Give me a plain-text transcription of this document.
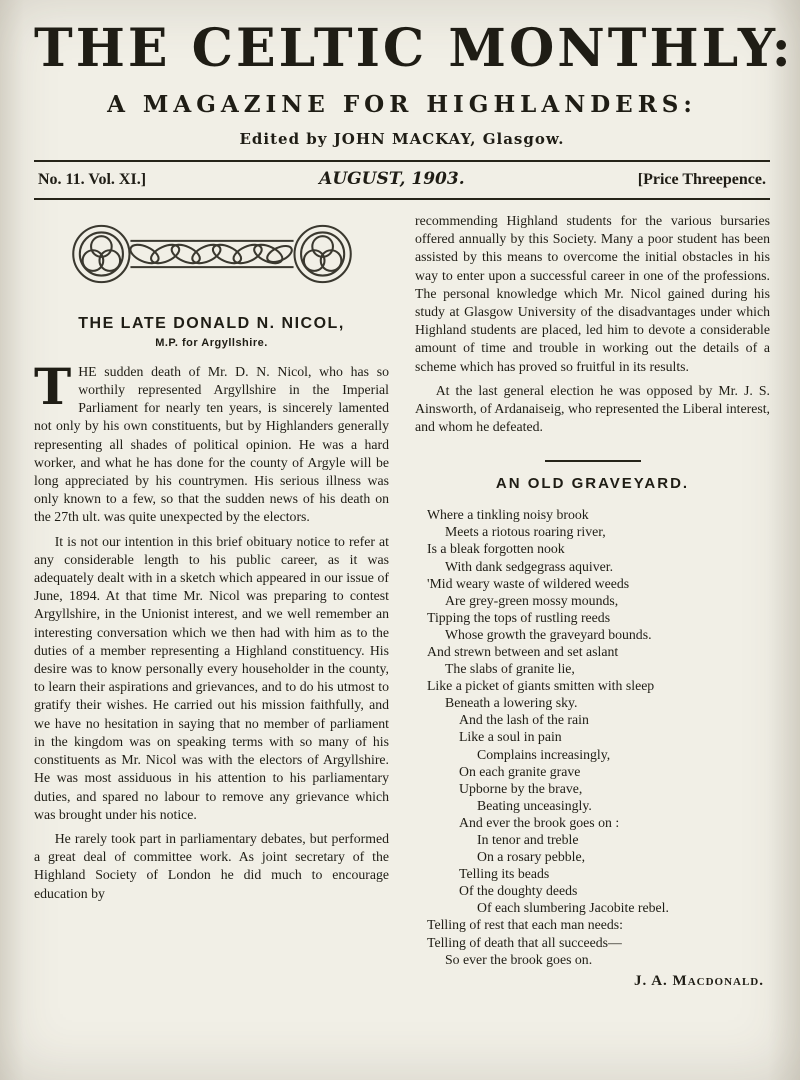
THE CELTIC MONTHLY:
A MAGAZINE FOR HIGHLANDERS:
Edited by JOHN MACKAY, Glasgow.
No. 11. Vol. XI.]	AUGUST, 1903.	[Price Threepence.
THE LATE DONALD N. NICOL,
M.P. for Argyllshire.

THE sudden death of Mr. D. N. Nicol, who has so worthily represented Argyllshire in the Imperial Parliament for nearly ten years, is sincerely lamented not only by his own constituents, but by Highlanders generally representing all shades of political opinion. He was a hard worker, and what he has done for the county of Argyle will be long appreciated by his countrymen. His serious illness was only known to a few, so that the sudden news of his death on the 27th ult. was quite unexpected by the electors.

It is not our intention in this brief obituary notice to refer at any considerable length to his public career, as it was adequately dealt with in a sketch which appeared in our issue of June, 1894. At that time Mr. Nicol was preparing to contest Argyllshire, in the Unionist interest, and we well remember an interesting conversation which we then had with him as to the duties of a member representing a Highland constituency. His desire was to know personally every householder in the county, to learn their aspirations and grievances, and to do his utmost to gratify their wishes. He carried out his mission faithfully, and we have no hesitation in saying that no member of parliament in the kingdom was on speaking terms with so many of his constituents as Mr. Nicol was with the electors of Argyllshire. He was most assiduous in his attention to his parliamentary duties, and spared no labour to remove any grievance which was brought under his notice.

He rarely took part in parliamentary debates, but performed a great deal of committee work. As joint secretary of the Highland Society of London he did much to encourage education by

recommending Highland students for the various bursaries offered annually by this Society. Many a poor student has been assisted by this means to overcome the initial obstacles in his way to enter upon a successful career in one of the professions. The personal knowledge which Mr. Nicol gained during his study at Glasgow University of the disadvantages under which Highland students are placed, led him to devote a considerable amount of time and trouble in working out the details of a scheme which has proved so fruitful in its results.

At the last general election he was opposed by Mr. J. S. Ainsworth, of Ardanaiseig, who represented the Liberal interest, and whom he defeated.

AN OLD GRAVEYARD.
Where a tinkling noisy brook
Meets a riotous roaring river,
Is a bleak forgotten nook
With dank sedgegrass aquiver.
'Mid weary waste of wildered weeds
Are grey-green mossy mounds,
Tipping the tops of rustling reeds
Whose growth the graveyard bounds.
And strewn between and set aslant
The slabs of granite lie,
Like a picket of giants smitten with sleep
Beneath a lowering sky.
And the lash of the rain
Like a soul in pain
Complains increasingly,
On each granite grave
Upborne by the brave,
Beating unceasingly.
And ever the brook goes on :
In tenor and treble
On a rosary pebble,
Telling its beads
Of the doughty deeds
Of each slumbering Jacobite rebel.
Telling of rest that each man needs:
Telling of death that all succeeds—
So ever the brook goes on.
J. A. Macdonald.
